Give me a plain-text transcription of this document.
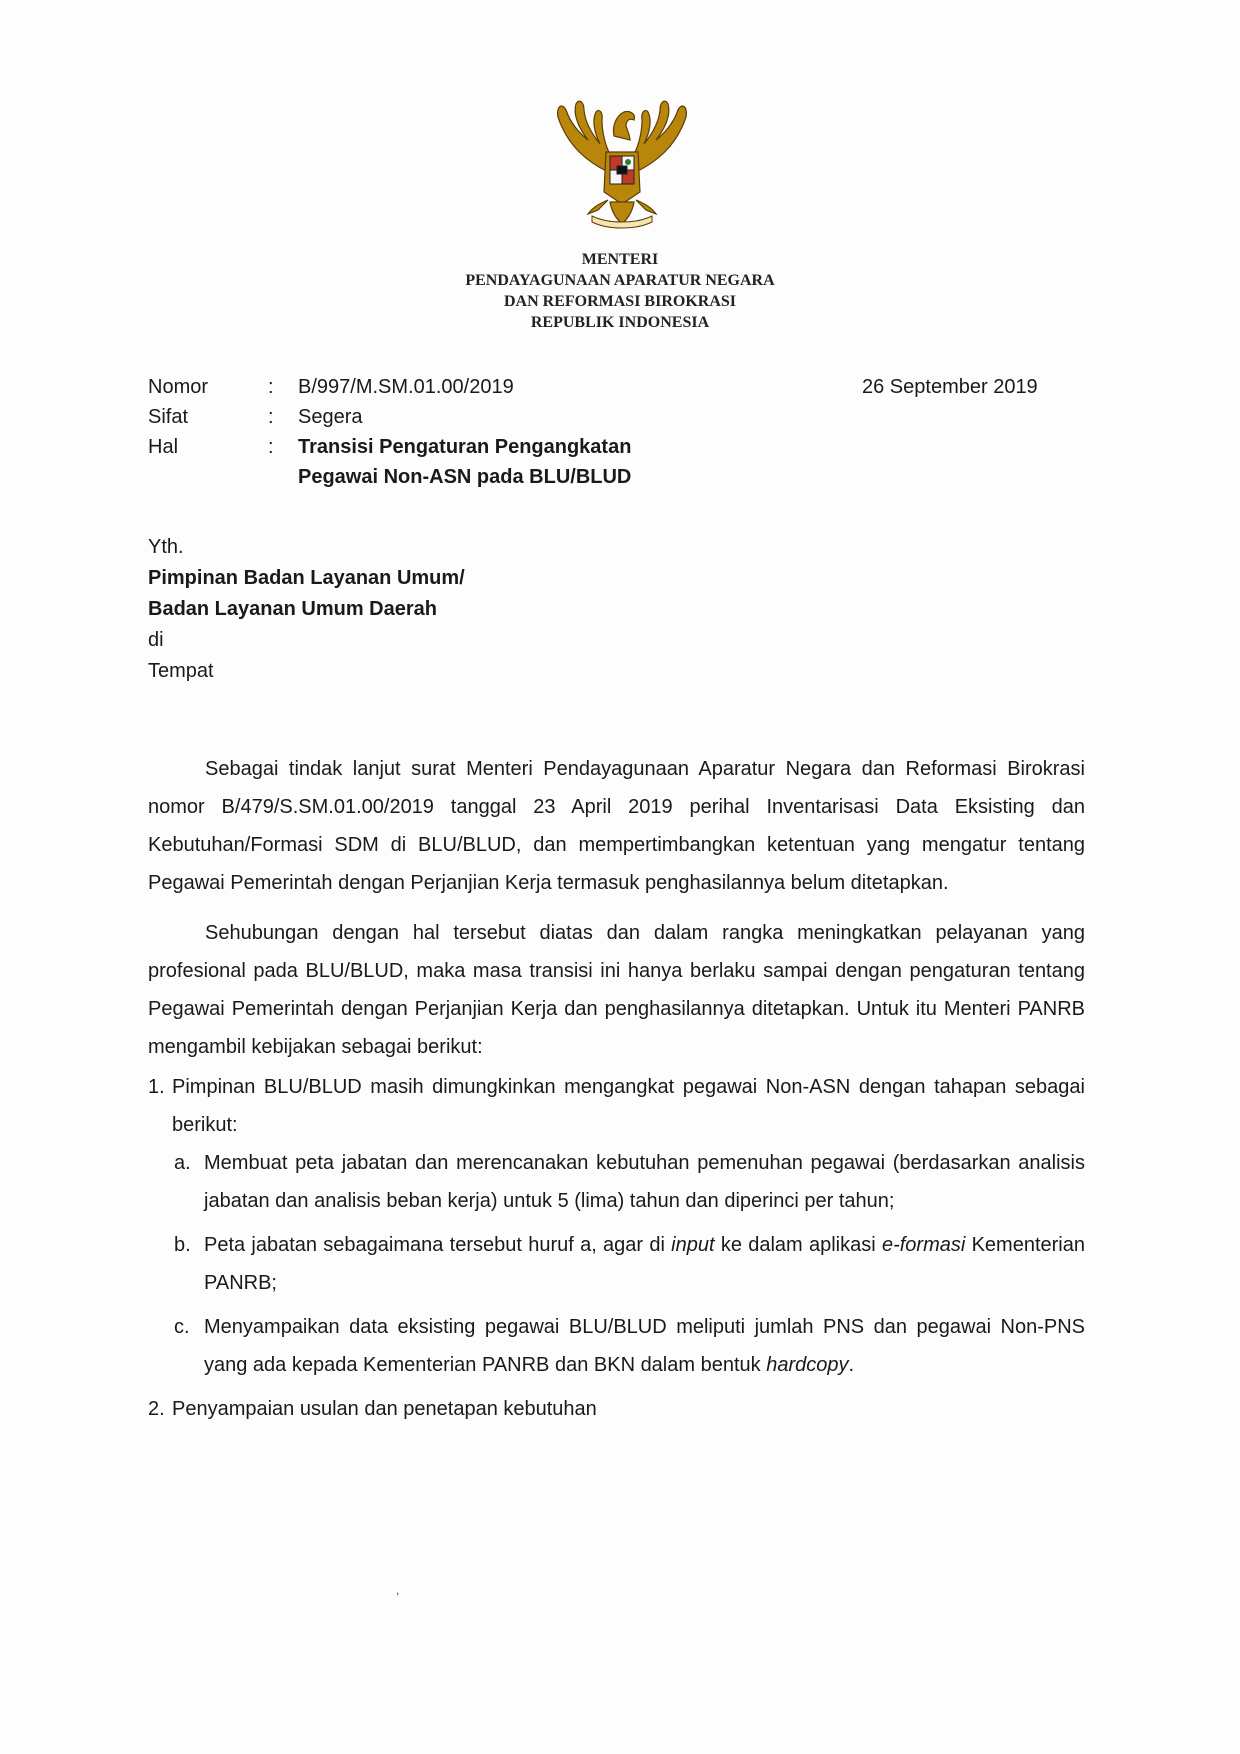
MENTERI
PENDAYAGUNAAN APARATUR NEGARA
DAN REFORMASI BIROKRASI
REPUBLIK INDONESIA
Nomor	:	B/997/M.SM.01.00/2019
Sifat	:	Segera
Hal	:	Transisi Pengaturan Pengangkatan
Pegawai Non-ASN pada BLU/BLUD
26 September 2019
Yth.
Pimpinan Badan Layanan Umum/
Badan Layanan Umum Daerah
di
Tempat

Sebagai tindak lanjut surat Menteri Pendayagunaan Aparatur Negara dan Reformasi Birokrasi nomor B/479/S.SM.01.00/2019 tanggal 23 April 2019 perihal Inventarisasi Data Eksisting dan Kebutuhan/Formasi SDM di BLU/BLUD, dan mempertimbangkan ketentuan yang mengatur tentang Pegawai Pemerintah dengan Perjanjian Kerja termasuk penghasilannya belum ditetapkan.

Sehubungan dengan hal tersebut diatas dan dalam rangka meningkatkan pelayanan yang profesional pada BLU/BLUD, maka masa transisi ini hanya berlaku sampai dengan pengaturan tentang Pegawai Pemerintah dengan Perjanjian Kerja dan penghasilannya ditetapkan. Untuk itu Menteri PANRB mengambil kebijakan sebagai berikut:

1. Pimpinan BLU/BLUD masih dimungkinkan mengangkat pegawai Non-ASN dengan tahapan sebagai berikut:
a. Membuat peta jabatan dan merencanakan kebutuhan pemenuhan pegawai (berdasarkan analisis jabatan dan analisis beban kerja) untuk 5 (lima) tahun dan diperinci per tahun;
b. Peta jabatan sebagaimana tersebut huruf a, agar di input ke dalam aplikasi e-formasi Kementerian PANRB;
c. Menyampaikan data eksisting pegawai BLU/BLUD meliputi jumlah PNS dan pegawai Non-PNS yang ada kepada Kementerian PANRB dan BKN dalam bentuk hardcopy.
2. Penyampaian usulan dan penetapan kebutuhan
,
